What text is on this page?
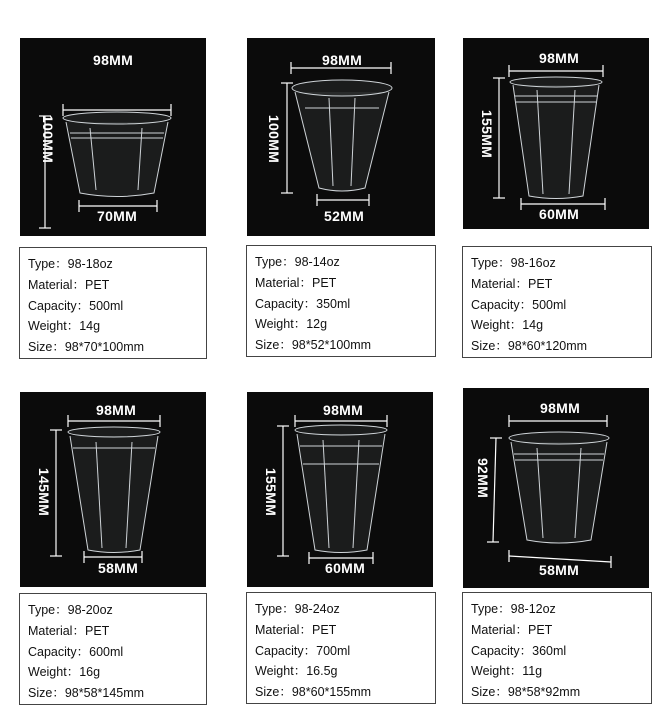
98MM
100MM
70MM
98MM
100MM
52MM
98MM
155MM
60MM
98MM
145MM
58MM
98MM
155MM
60MM
98MM
92MM
58MM
Type ： 98-18oz
Material ： PET
Capacity ： 500ml
Weight ： 14g
Size ： 98*70*100mm
Type ： 98-14oz
Material ： PET
Capacity ： 350ml
Weight ： 12g
Size ： 98*52*100mm
Type ： 98-16oz
Material ： PET
Capacity ： 500ml
Weight ： 14g
Size ： 98*60*120mm
Type ： 98-20oz
Material ： PET
Capacity ： 600ml
Weight ： 16g
Size ： 98*58*145mm
Type ： 98-24oz
Material ： PET
Capacity ： 700ml
Weight ： 16.5g
Size ： 98*60*155mm
Type ： 98-12oz
Material ： PET
Capacity ： 360ml
Weight ： 11g
Size ： 98*58*92mm
